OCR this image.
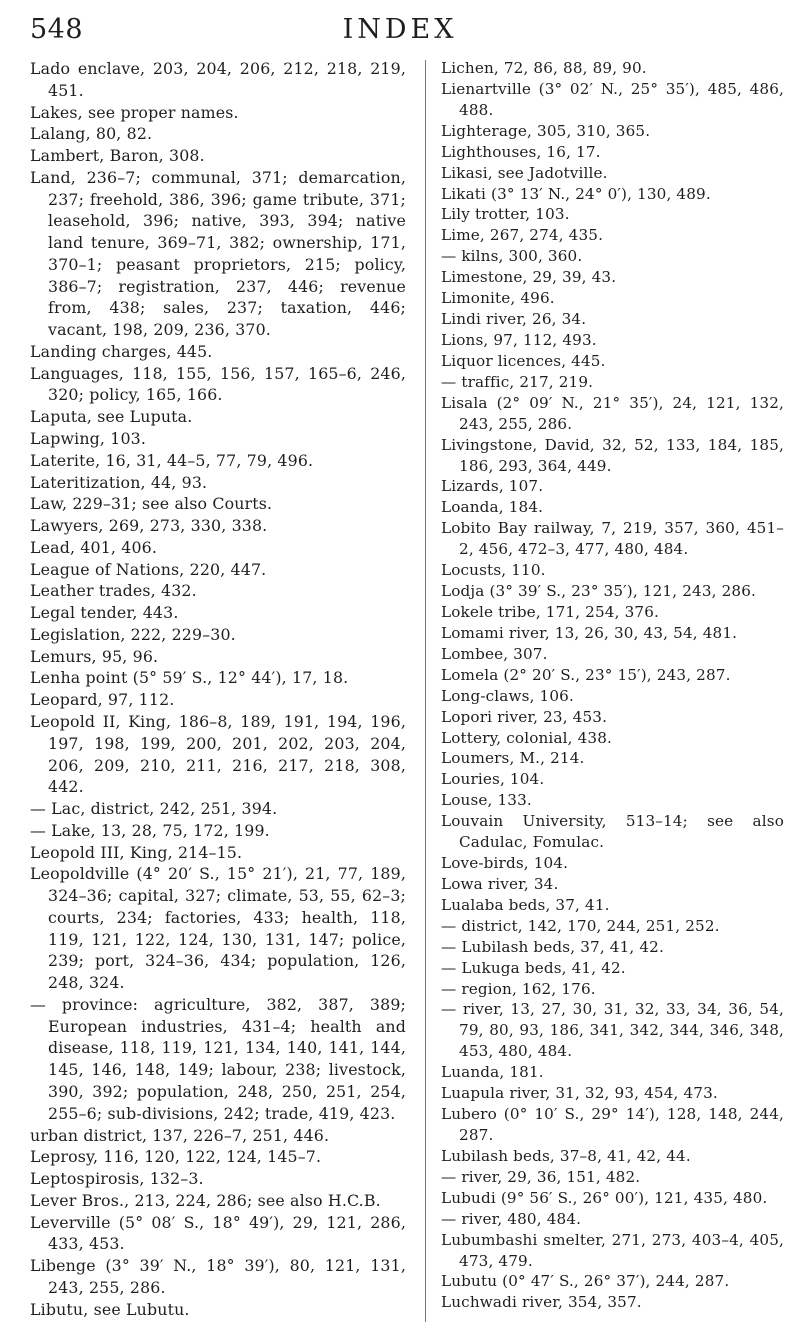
548	INDEX

Lado enclave, 203, 204, 206, 212, 218, 219, 451.

Lakes, see proper names.

Lalang, 80, 82.

Lambert, Baron, 308.

Land, 236–7; communal, 371; demarcation, 237; freehold, 386, 396; game tribute, 371; leasehold, 396; native, 393, 394; native land tenure, 369–71, 382; ownership, 171, 370–1; peasant proprietors, 215; policy, 386–7; registration, 237, 446; revenue from, 438; sales, 237; taxation, 446; vacant, 198, 209, 236, 370.

Landing charges, 445.

Languages, 118, 155, 156, 157, 165–6, 246, 320; policy, 165, 166.

Laputa, see Luputa.

Lapwing, 103.

Laterite, 16, 31, 44–5, 77, 79, 496.

Lateritization, 44, 93.

Law, 229–31; see also Courts.

Lawyers, 269, 273, 330, 338.

Lead, 401, 406.

League of Nations, 220, 447.

Leather trades, 432.

Legal tender, 443.

Legislation, 222, 229–30.

Lemurs, 95, 96.

Lenha point (5° 59′ S., 12° 44′), 17, 18.

Leopard, 97, 112.

Leopold II, King, 186–8, 189, 191, 194, 196, 197, 198, 199, 200, 201, 202, 203, 204, 206, 209, 210, 211, 216, 217, 218, 308, 442.

— Lac, district, 242, 251, 394.

— Lake, 13, 28, 75, 172, 199.

Leopold III, King, 214–15.

Leopoldville (4° 20′ S., 15° 21′), 21, 77, 189, 324–36; capital, 327; climate, 53, 55, 62–3; courts, 234; factories, 433; health, 118, 119, 121, 122, 124, 130, 131, 147; police, 239; port, 324–36, 434; population, 126, 248, 324.

— province: agriculture, 382, 387, 389; European industries, 431–4; health and disease, 118, 119, 121, 134, 140, 141, 144, 145, 146, 148, 149; labour, 238; livestock, 390, 392; population, 248, 250, 251, 254, 255–6; sub-divisions, 242; trade, 419, 423.

urban district, 137, 226–7, 251, 446.

Leprosy, 116, 120, 122, 124, 145–7.

Leptospirosis, 132–3.

Lever Bros., 213, 224, 286; see also H.C.B.

Leverville (5° 08′ S., 18° 49′), 29, 121, 286, 433, 453.

Libenge (3° 39′ N., 18° 39′), 80, 121, 131, 243, 255, 286.

Libutu, see Lubutu.

Lichen, 72, 86, 88, 89, 90.

Lienartville (3° 02′ N., 25° 35′), 485, 486, 488.

Lighterage, 305, 310, 365.

Lighthouses, 16, 17.

Likasi, see Jadotville.

Likati (3° 13′ N., 24° 0′), 130, 489.

Lily trotter, 103.

Lime, 267, 274, 435.

— kilns, 300, 360.

Limestone, 29, 39, 43.

Limonite, 496.

Lindi river, 26, 34.

Lions, 97, 112, 493.

Liquor licences, 445.

— traffic, 217, 219.

Lisala (2° 09′ N., 21° 35′), 24, 121, 132, 243, 255, 286.

Livingstone, David, 32, 52, 133, 184, 185, 186, 293, 364, 449.

Lizards, 107.

Loanda, 184.

Lobito Bay railway, 7, 219, 357, 360, 451–2, 456, 472–3, 477, 480, 484.

Locusts, 110.

Lodja (3° 39′ S., 23° 35′), 121, 243, 286.

Lokele tribe, 171, 254, 376.

Lomami river, 13, 26, 30, 43, 54, 481.

Lombee, 307.

Lomela (2° 20′ S., 23° 15′), 243, 287.

Long-claws, 106.

Lopori river, 23, 453.

Lottery, colonial, 438.

Loumers, M., 214.

Louries, 104.

Louse, 133.

Louvain University, 513–14; see also Cadulac, Fomulac.

Love-birds, 104.

Lowa river, 34.

Lualaba beds, 37, 41.

— district, 142, 170, 244, 251, 252.

— Lubilash beds, 37, 41, 42.

— Lukuga beds, 41, 42.

— region, 162, 176.

— river, 13, 27, 30, 31, 32, 33, 34, 36, 54, 79, 80, 93, 186, 341, 342, 344, 346, 348, 453, 480, 484.

Luanda, 181.

Luapula river, 31, 32, 93, 454, 473.

Lubero (0° 10′ S., 29° 14′), 128, 148, 244, 287.

Lubilash beds, 37–8, 41, 42, 44.

— river, 29, 36, 151, 482.

Lubudi (9° 56′ S., 26° 00′), 121, 435, 480.

— river, 480, 484.

Lubumbashi smelter, 271, 273, 403–4, 405, 473, 479.

Lubutu (0° 47′ S., 26° 37′), 244, 287.

Luchwadi river, 354, 357.
